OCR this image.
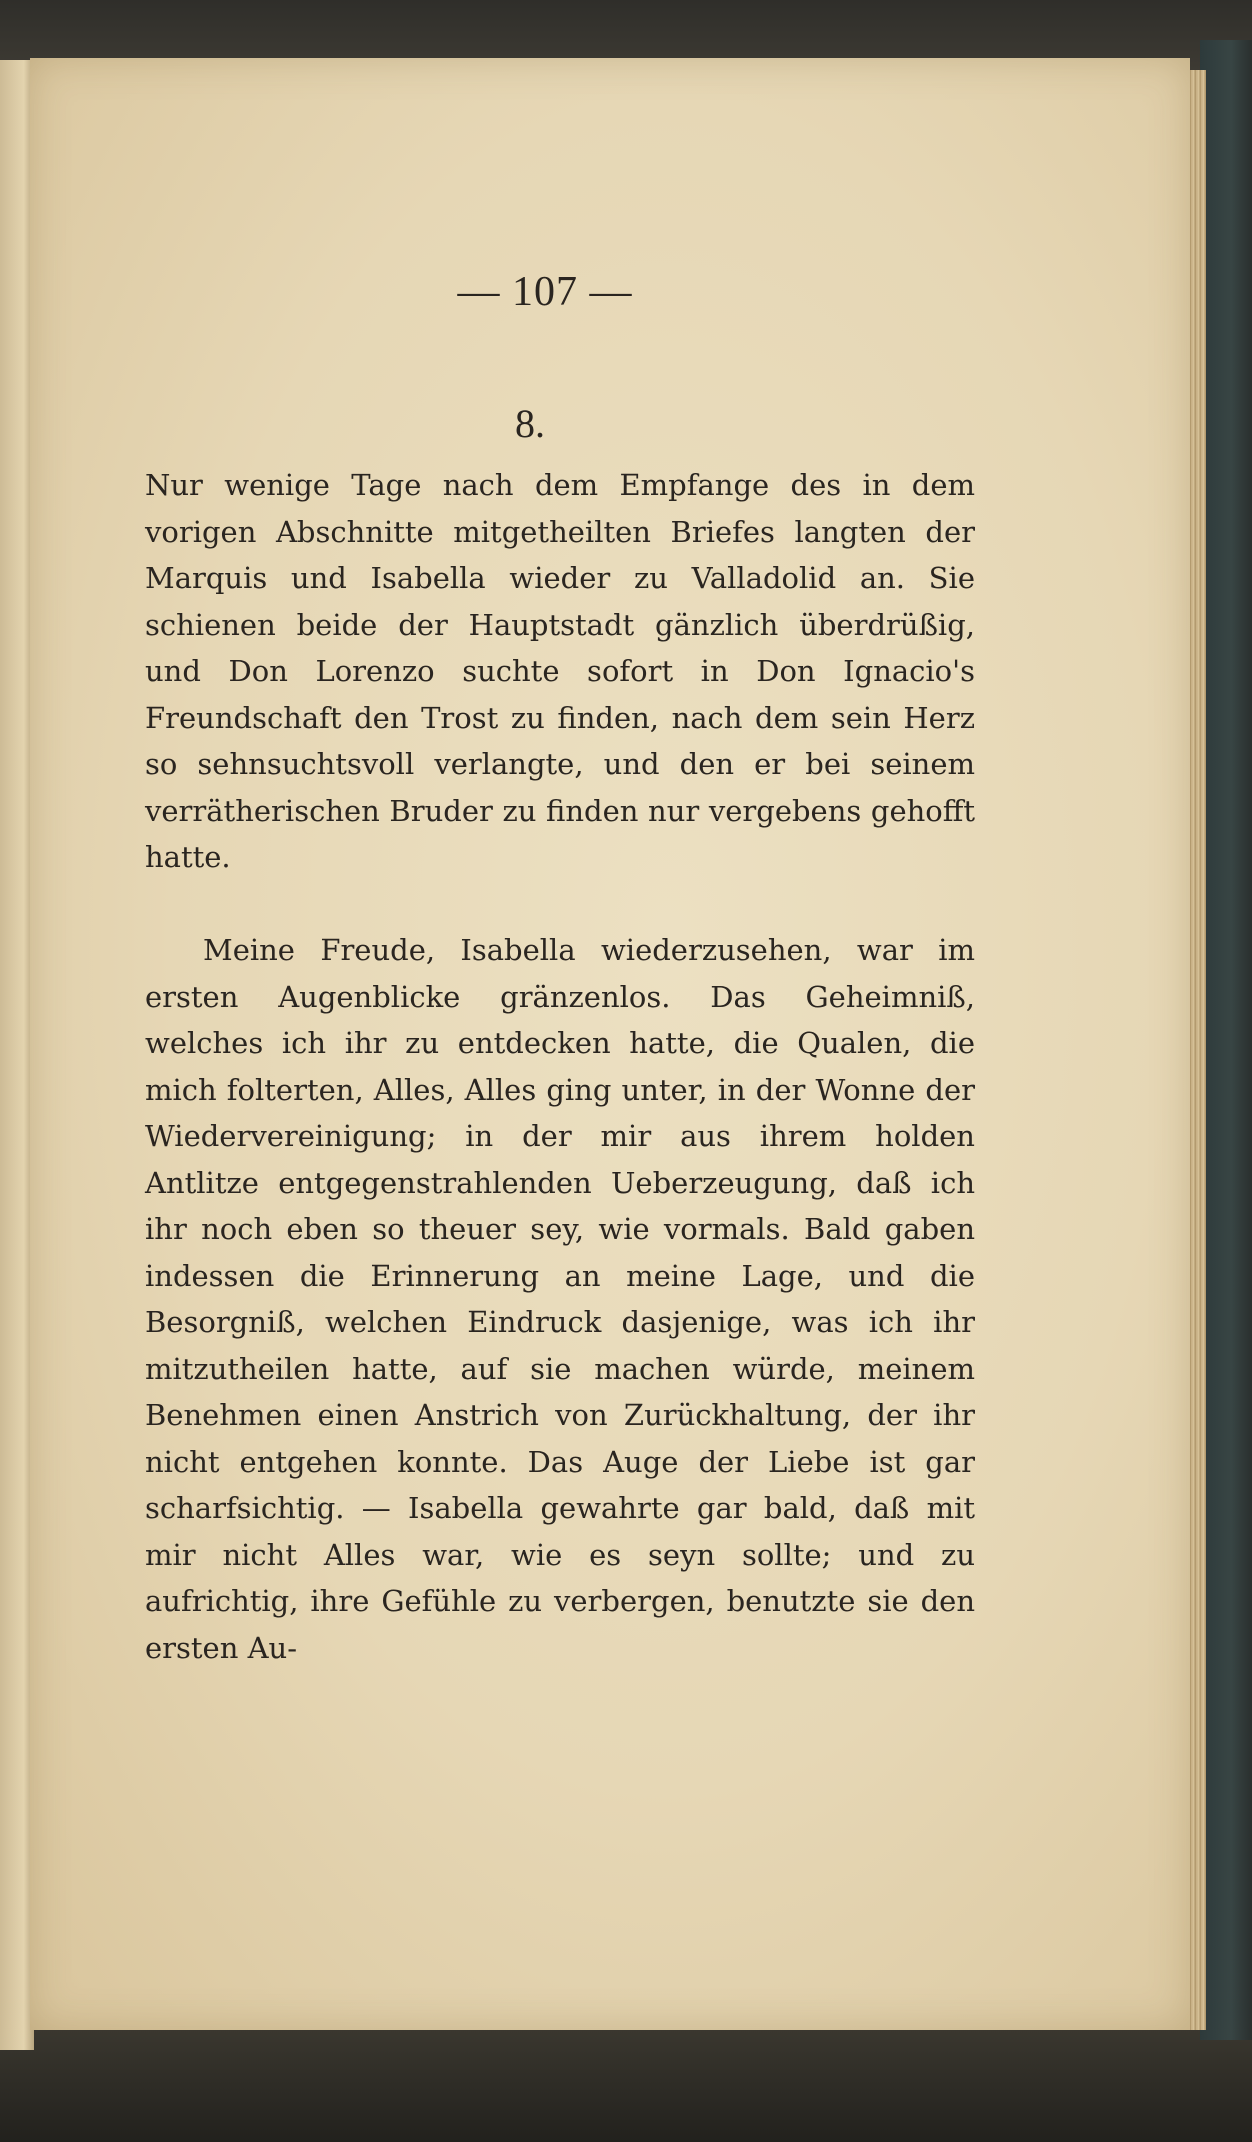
— 107 —
8.

Nur wenige Tage nach dem Empfange des in dem vorigen Abschnitte mitgetheilten Briefes langten der Marquis und Isabella wieder zu Valladolid an. Sie schienen beide der Hauptstadt gänzlich überdrüßig, und Don Lorenzo suchte sofort in Don Ignacio's Freundschaft den Trost zu finden, nach dem sein Herz so sehnsuchtsvoll verlangte, und den er bei seinem verrätherischen Bruder zu finden nur vergebens gehofft hatte.

Meine Freude, Isabella wiederzusehen, war im ersten Augenblicke gränzenlos. Das Geheimniß, welches ich ihr zu entdecken hatte, die Qualen, die mich folterten, Alles, Alles ging unter, in der Wonne der Wiedervereinigung; in der mir aus ihrem holden Antlitze entgegenstrahlenden Ueberzeugung, daß ich ihr noch eben so theuer sey, wie vormals. Bald gaben indessen die Erinnerung an meine Lage, und die Besorgniß, welchen Eindruck dasjenige, was ich ihr mitzutheilen hatte, auf sie machen würde, meinem Benehmen einen Anstrich von Zurückhaltung, der ihr nicht entgehen konnte. Das Auge der Liebe ist gar scharfsichtig. — Isabella gewahrte gar bald, daß mit mir nicht Alles war, wie es seyn sollte; und zu aufrichtig, ihre Gefühle zu verbergen, benutzte sie den ersten Au-
